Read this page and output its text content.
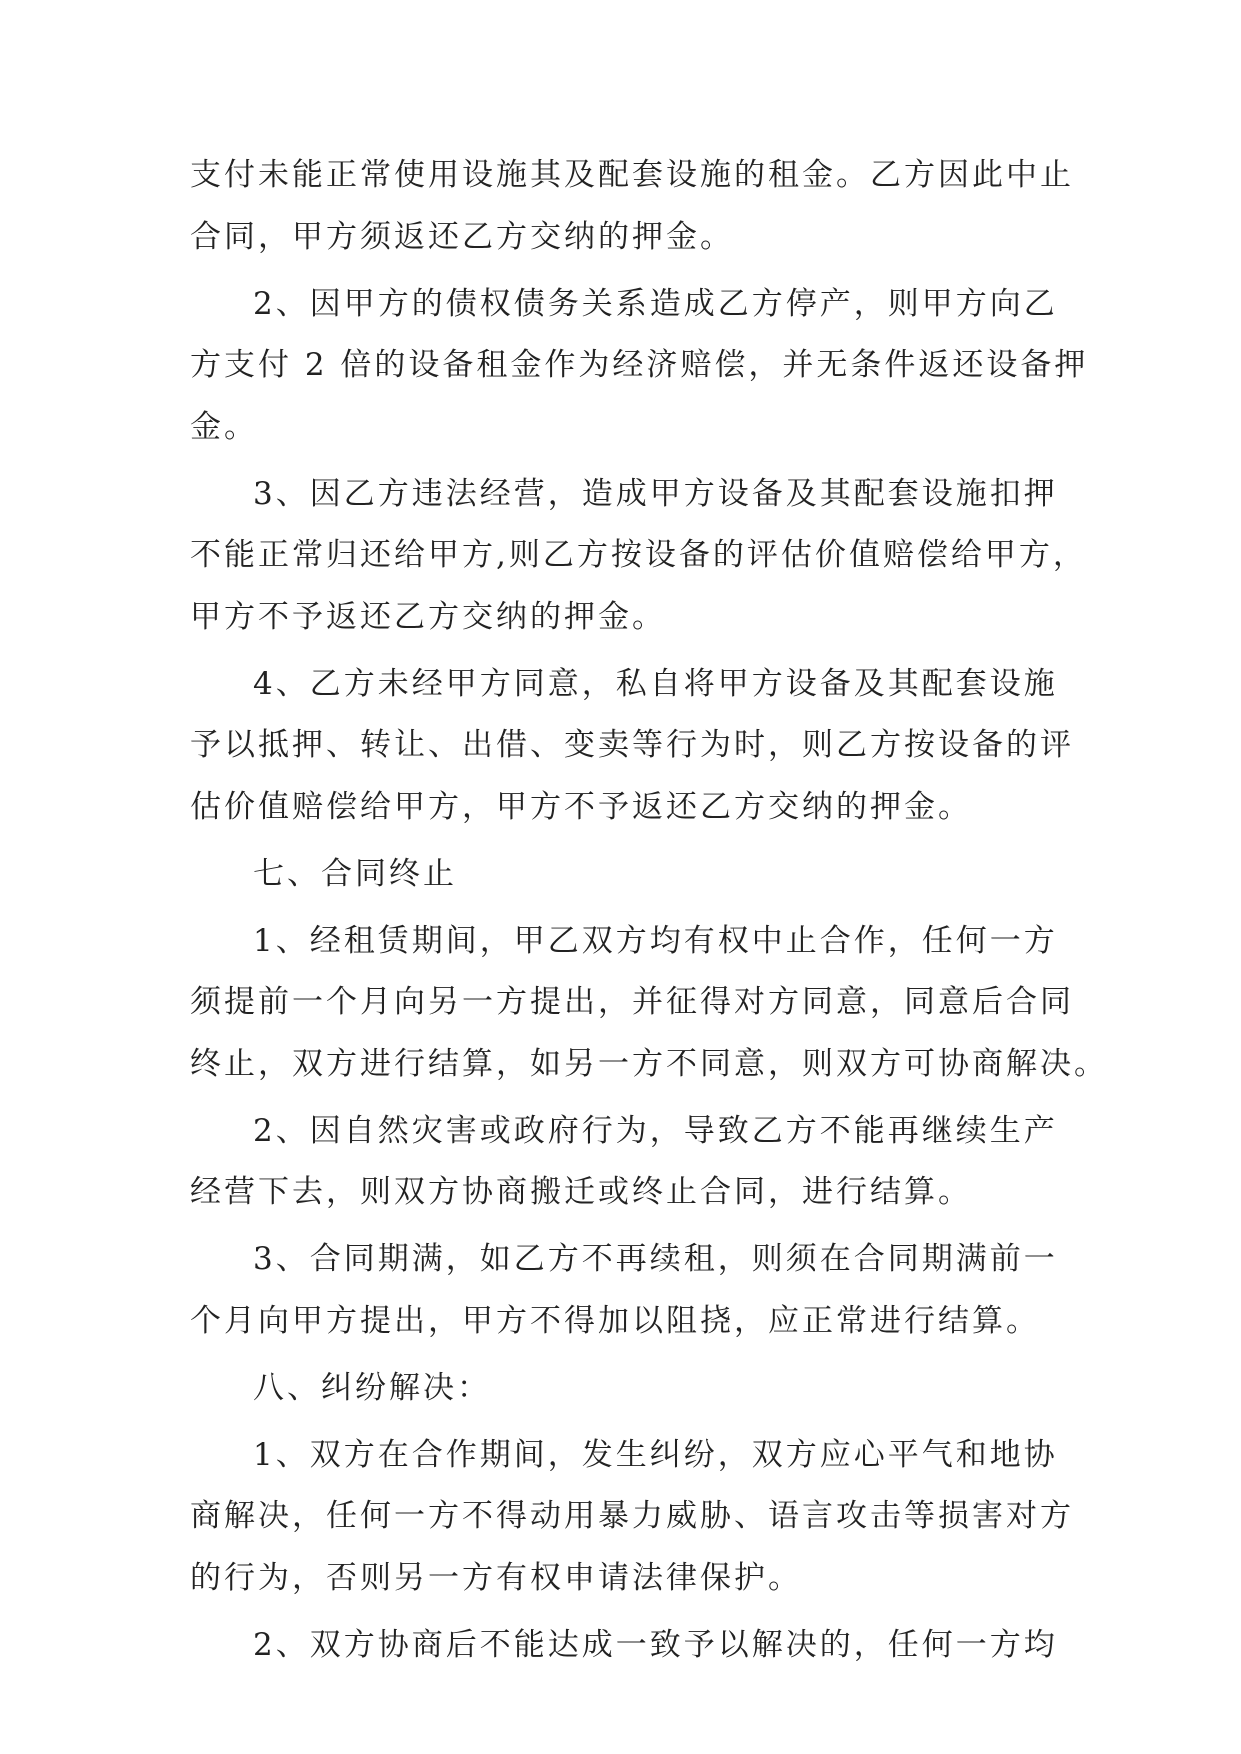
支付未能正常使用设施其及配套设施的租金。乙方因此中止
合同，甲方须返还乙方交纳的押金。
2、因甲方的债权债务关系造成乙方停产，则甲方向乙
方支付 2 倍的设备租金作为经济赔偿，并无条件返还设备押
金。
3、因乙方违法经营，造成甲方设备及其配套设施扣押
不能正常归还给甲方,则乙方按设备的评估价值赔偿给甲方，
甲方不予返还乙方交纳的押金。
4、乙方未经甲方同意，私自将甲方设备及其配套设施
予以抵押、转让、出借、变卖等行为时，则乙方按设备的评
估价值赔偿给甲方，甲方不予返还乙方交纳的押金。
七、合同终止
1、经租赁期间，甲乙双方均有权中止合作，任何一方
须提前一个月向另一方提出，并征得对方同意，同意后合同
终止，双方进行结算，如另一方不同意，则双方可协商解决。
2、因自然灾害或政府行为，导致乙方不能再继续生产
经营下去，则双方协商搬迁或终止合同，进行结算。
3、合同期满，如乙方不再续租，则须在合同期满前一
个月向甲方提出，甲方不得加以阻挠，应正常进行结算。
八、纠纷解决：
1、双方在合作期间，发生纠纷，双方应心平气和地协
商解决，任何一方不得动用暴力威胁、语言攻击等损害对方
的行为，否则另一方有权申请法律保护。
2、双方协商后不能达成一致予以解决的，任何一方均
